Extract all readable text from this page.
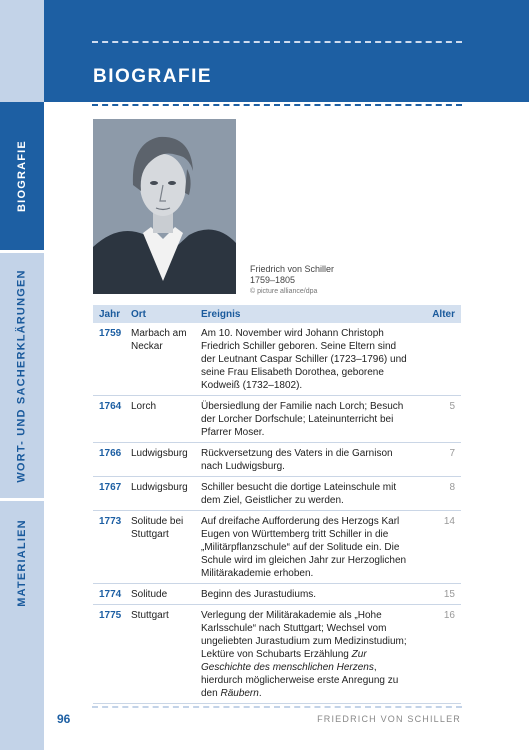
BIOGRAFIE
WORT- UND SACHERKLÄRUNGEN
MATERIALIEN
BIOGRAFIE
Friedrich von Schiller
1759–1805
© picture alliance/dpa
Jahr	Ort	Ereignis	Alter
1759	Marbach am Neckar	Am 10. November wird Johann Christoph Friedrich Schiller geboren. Seine Eltern sind der Leutnant Caspar Schiller (1723–1796) und seine Frau Elisabeth Dorothea, geborene Kodweiß (1732–1802).	
1764	Lorch	Übersiedlung der Familie nach Lorch; Besuch der Lorcher Dorfschule; Lateinunterricht bei Pfarrer Moser.	5
1766	Ludwigsburg	Rückversetzung des Vaters in die Garnison nach Ludwigsburg.	7
1767	Ludwigsburg	Schiller besucht die dortige Lateinschule mit dem Ziel, Geistlicher zu werden.	8
1773	Solitude bei Stuttgart	Auf dreifache Aufforderung des Herzogs Karl Eugen von Württemberg tritt Schiller in die „Militärpflanzschule“ auf der Solitude ein. Die Schule wird im gleichen Jahr zur Herzoglichen Militärakademie erhoben.	14
1774	Solitude	Beginn des Jurastudiums.	15
1775	Stuttgart	Verlegung der Militärakademie als „Hohe Karlsschule“ nach Stuttgart; Wechsel vom ungeliebten Jurastudium zum Medizinstudium; Lektüre von Schubarts Erzählung Zur Geschichte des menschlichen Herzens, hierdurch möglicherweise erste Anregung zu den Räubern.	16
96	FRIEDRICH VON SCHILLER
